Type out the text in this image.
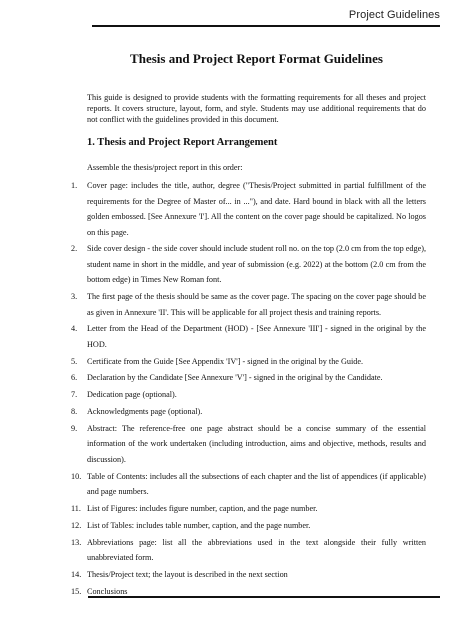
Project Guidelines
Thesis and Project Report Format Guidelines

This guide is designed to provide students with the formatting requirements for all theses and project reports. It covers structure, layout, form, and style. Students may use additional requirements that do not conflict with the guidelines provided in this document.

1. Thesis and Project Report Arrangement

Assemble the thesis/project report in this order:

1.	Cover page: includes the title, author, degree ("Thesis/Project submitted in partial fulfillment of the requirements for the Degree of Master of... in ..."), and date. Hard bound in black with all the letters golden embossed. [See Annexure 'I']. All the content on the cover page should be capitalized. No logos on this page.
2.	Side cover design - the side cover should include student roll no. on the top (2.0 cm from the top edge), student name in short in the middle, and year of submission (e.g. 2022) at the bottom (2.0 cm from the bottom edge) in Times New Roman font.
3.	The first page of the thesis should be same as the cover page. The spacing on the cover page should be as given in Annexure 'II'. This will be applicable for all project thesis and training reports.
4.	Letter from the Head of the Department (HOD) - [See Annexure 'III'] - signed in the original by the HOD.
5.	Certificate from the Guide [See Appendix 'IV'] - signed in the original by the Guide.
6.	Declaration by the Candidate [See Annexure 'V'] - signed in the original by the Candidate.
7.	Dedication page (optional).
8.	Acknowledgments page (optional).
9.	Abstract: The reference-free one page abstract should be a concise summary of the essential information of the work undertaken (including introduction, aims and objective, methods, results and discussion).
10. Table of Contents: includes all the subsections of each chapter and the list of appendices (if applicable) and page numbers.
11. List of Figures: includes figure number, caption, and the page number.
12. List of Tables: includes table number, caption, and the page number.
13. Abbreviations page: list all the abbreviations used in the text alongside their fully written unabbreviated form.
14. Thesis/Project text; the layout is described in the next section
15. Conclusions
